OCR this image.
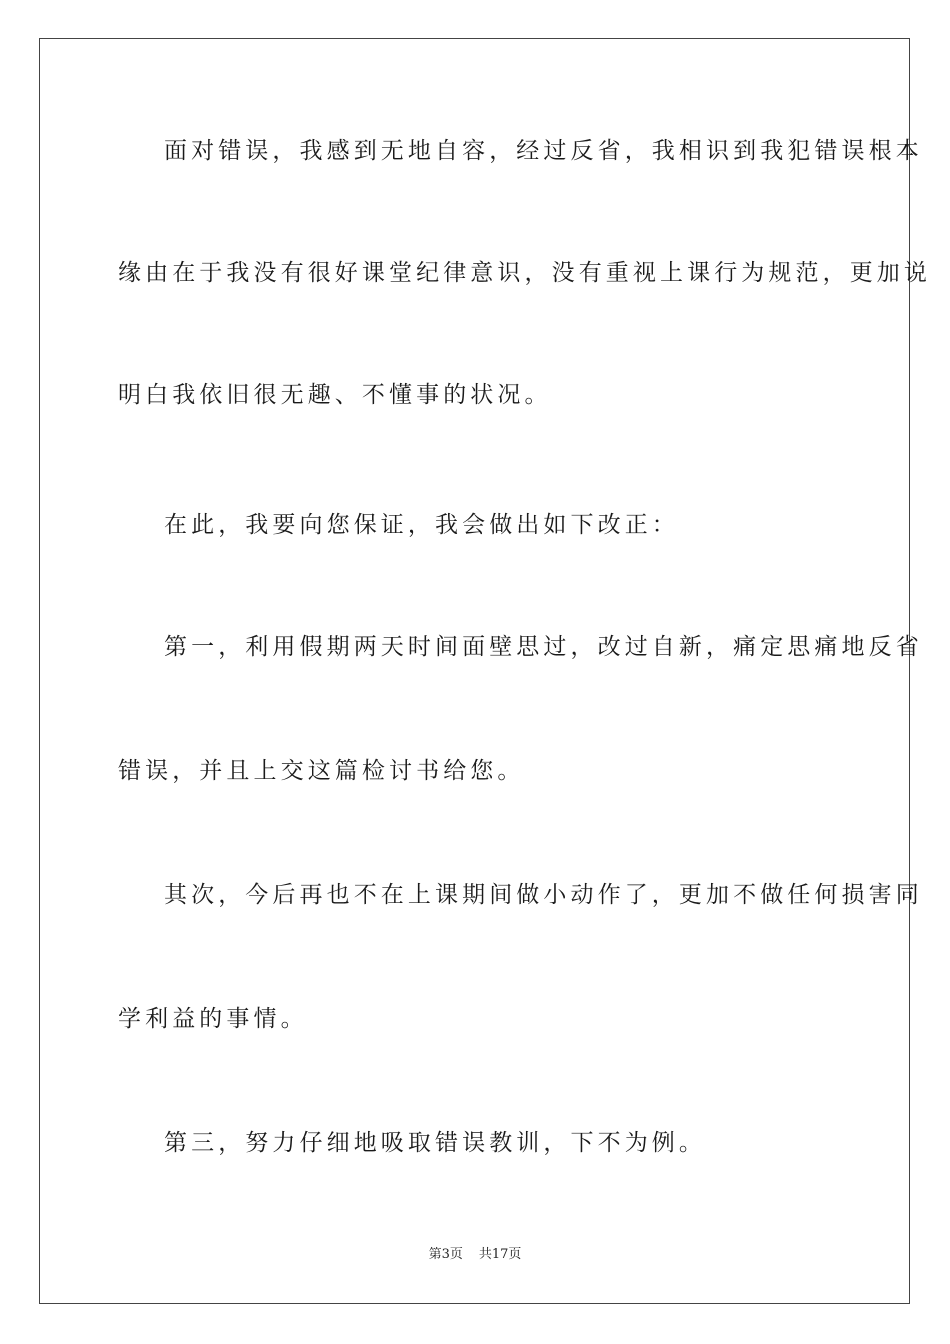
面对错误，我感到无地自容，经过反省，我相识到我犯错误根本
缘由在于我没有很好课堂纪律意识，没有重视上课行为规范，更加说
明白我依旧很无趣、不懂事的状况。
在此，我要向您保证，我会做出如下改正：
第一，利用假期两天时间面壁思过，改过自新，痛定思痛地反省
错误，并且上交这篇检讨书给您。
其次，今后再也不在上课期间做小动作了，更加不做任何损害同
学利益的事情。
第三，努力仔细地吸取错误教训，下不为例。
第3页 共17页
